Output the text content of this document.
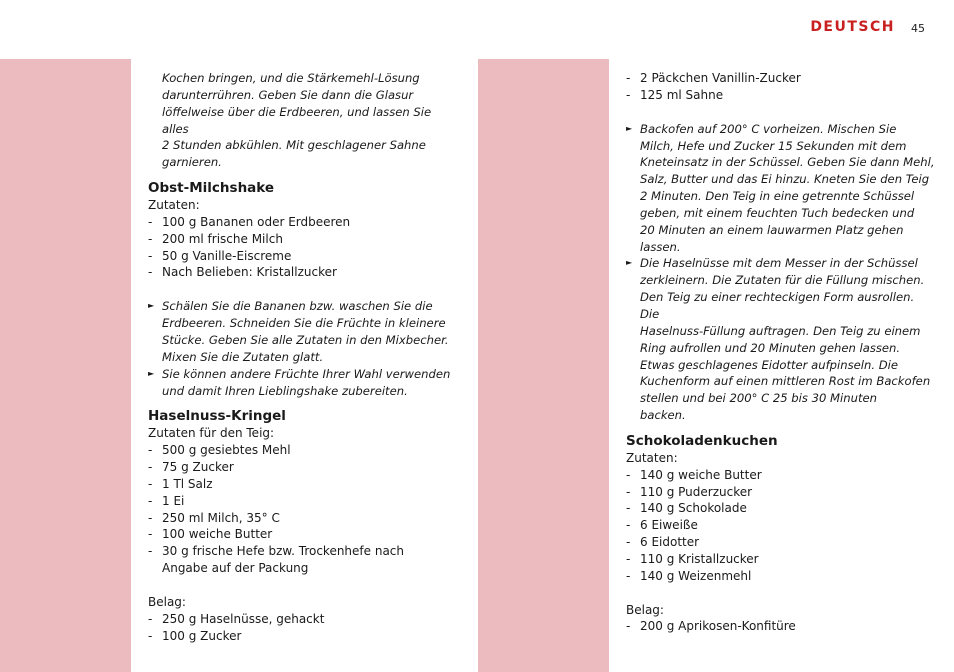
DEUTSCH 45
Kochen bringen, und die Stärkemehl-Lösung
darunterrühren. Geben Sie dann die Glasur
löffelweise über die Erdbeeren, und lassen Sie alles
2 Stunden abkühlen. Mit geschlagener Sahne
garnieren.
Obst-Milchshake
Zutaten:
- 100 g Bananen oder Erdbeeren
- 200 ml frische Milch
- 50 g Vanille-Eiscreme
- Nach Belieben: Kristallzucker
► Schälen Sie die Bananen bzw. waschen Sie die
Erdbeeren. Schneiden Sie die Früchte in kleinere
Stücke. Geben Sie alle Zutaten in den Mixbecher.
Mixen Sie die Zutaten glatt.
► Sie können andere Früchte Ihrer Wahl verwenden
und damit Ihren Lieblingshake zubereiten.
Haselnuss-Kringel
Zutaten für den Teig:
- 500 g gesiebtes Mehl
- 75 g Zucker
- 1 Tl Salz
- 1 Ei
- 250 ml Milch, 35° C
- 100 weiche Butter
- 30 g frische Hefe bzw. Trockenhefe nach
Angabe auf der Packung
Belag:
- 250 g Haselnüsse, gehackt
- 100 g Zucker
- 2 Päckchen Vanillin-Zucker
- 125 ml Sahne
► Backofen auf 200° C vorheizen. Mischen Sie
Milch, Hefe und Zucker 15 Sekunden mit dem
Kneteinsatz in der Schüssel. Geben Sie dann Mehl,
Salz, Butter und das Ei hinzu. Kneten Sie den Teig
2 Minuten. Den Teig in eine getrennte Schüssel
geben, mit einem feuchten Tuch bedecken und
20 Minuten an einem lauwarmen Platz gehen
lassen.
► Die Haselnüsse mit dem Messer in der Schüssel
zerkleinern. Die Zutaten für die Füllung mischen.
Den Teig zu einer rechteckigen Form ausrollen. Die
Haselnuss-Füllung auftragen. Den Teig zu einem
Ring aufrollen und 20 Minuten gehen lassen.
Etwas geschlagenes Eidotter aufpinseln. Die
Kuchenform auf einen mittleren Rost im Backofen
stellen und bei 200° C 25 bis 30 Minuten
backen.
Schokoladenkuchen
Zutaten:
- 140 g weiche Butter
- 110 g Puderzucker
- 140 g Schokolade
- 6 Eiweiße
- 6 Eidotter
- 110 g Kristallzucker
- 140 g Weizenmehl
Belag:
- 200 g Aprikosen-Konfitüre
